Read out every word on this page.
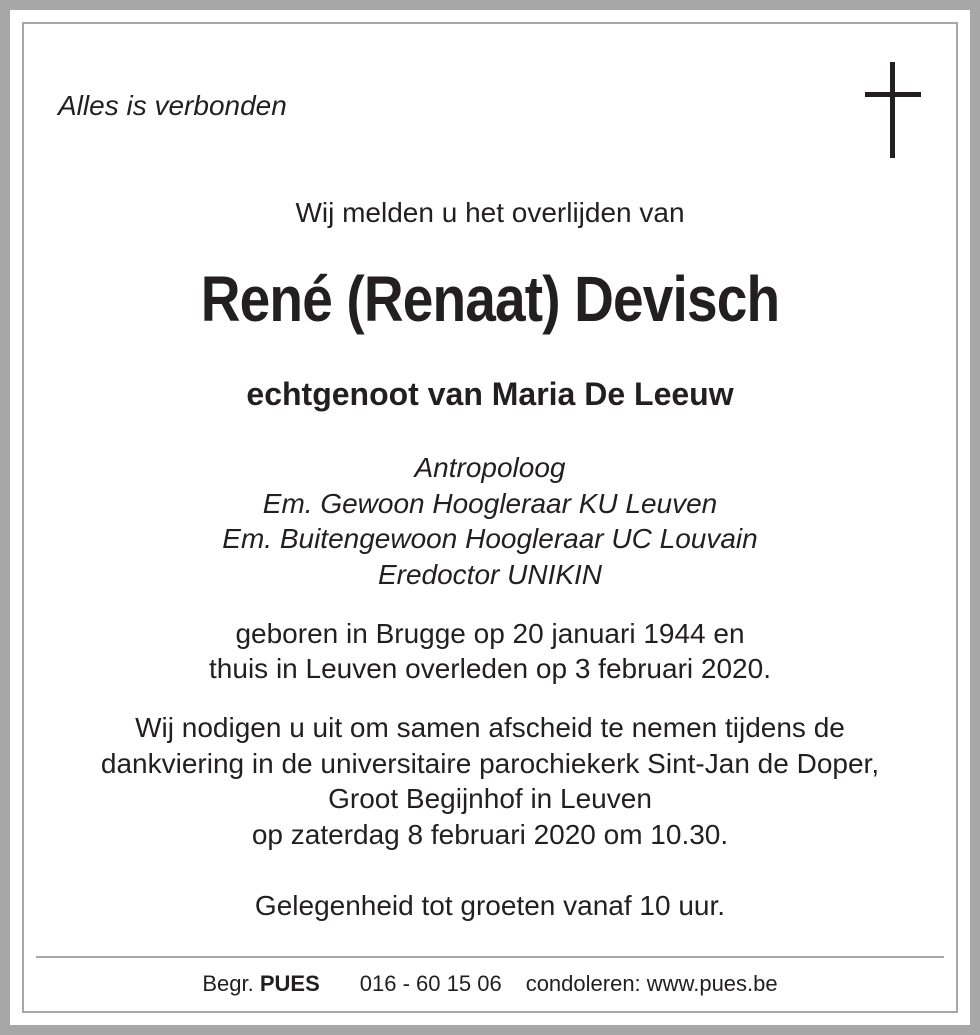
Alles is verbonden
Wij melden u het overlijden van
René (Renaat) Devisch
echtgenoot van Maria De Leeuw
Antropoloog
Em. Gewoon Hoogleraar KU Leuven
Em. Buitengewoon Hoogleraar UC Louvain
Eredoctor UNIKIN
geboren in Brugge op 20 januari 1944 en
thuis in Leuven overleden op 3 februari 2020.
Wij nodigen u uit om samen afscheid te nemen tijdens de
dankviering in de universitaire parochiekerk Sint-Jan de Doper,
Groot Begijnhof in Leuven
op zaterdag 8 februari 2020 om 10.30.
Gelegenheid tot groeten vanaf 10 uur.
Begr. PUES 016 - 60 15 06 condoleren: www.pues.be
